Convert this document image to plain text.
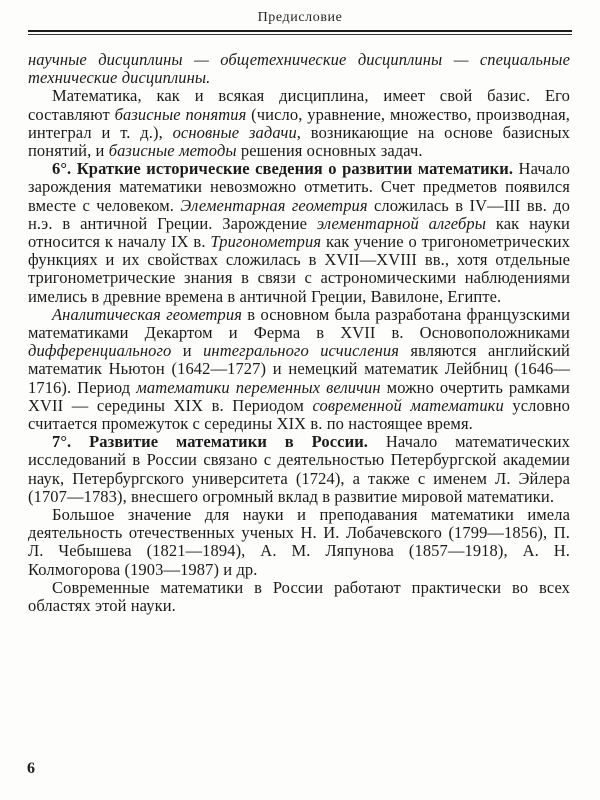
Предисловие

научные дисциплины — общетехнические дисциплины — специальные технические дисциплины.

Математика, как и всякая дисциплина, имеет свой базис. Его составляют базисные понятия (число, уравнение, множество, производная, интеграл и т. д.), основные задачи, возникающие на основе базисных понятий, и базисные методы решения основных задач.

6°. Краткие исторические сведения о развитии математики. Начало зарождения математики невозможно отметить. Счет предметов появился вместе с человеком. Элементарная геометрия сложилась в IV—III вв. до н.э. в античной Греции. Зарождение элементарной алгебры как науки относится к началу IX в. Тригонометрия как учение о тригонометрических функциях и их свойствах сложилась в XVII—XVIII вв., хотя отдельные тригонометрические знания в связи с астрономическими наблюдениями имелись в древние времена в античной Греции, Вавилоне, Египте.

Аналитическая геометрия в основном была разработана французскими математиками Декартом и Ферма в XVII в. Основоположниками дифференциального и интегрального исчисления являются английский математик Ньютон (1642—1727) и немецкий математик Лейбниц (1646—1716). Период математики переменных величин можно очертить рамками XVII — середины XIX в. Периодом современной математики условно считается промежуток с середины XIX в. по настоящее время.

7°. Развитие математики в России. Начало математических исследований в России связано с деятельностью Петербургской академии наук, Петербургского университета (1724), а также с именем Л. Эйлера (1707—1783), внесшего огромный вклад в развитие мировой математики.

Большое значение для науки и преподавания математики имела деятельность отечественных ученых Н. И. Лобачевского (1799—1856), П. Л. Чебышева (1821—1894), А. М. Ляпунова (1857—1918), А. Н. Колмогорова (1903—1987) и др.

Современные математики в России работают практически во всех областях этой науки.

6
